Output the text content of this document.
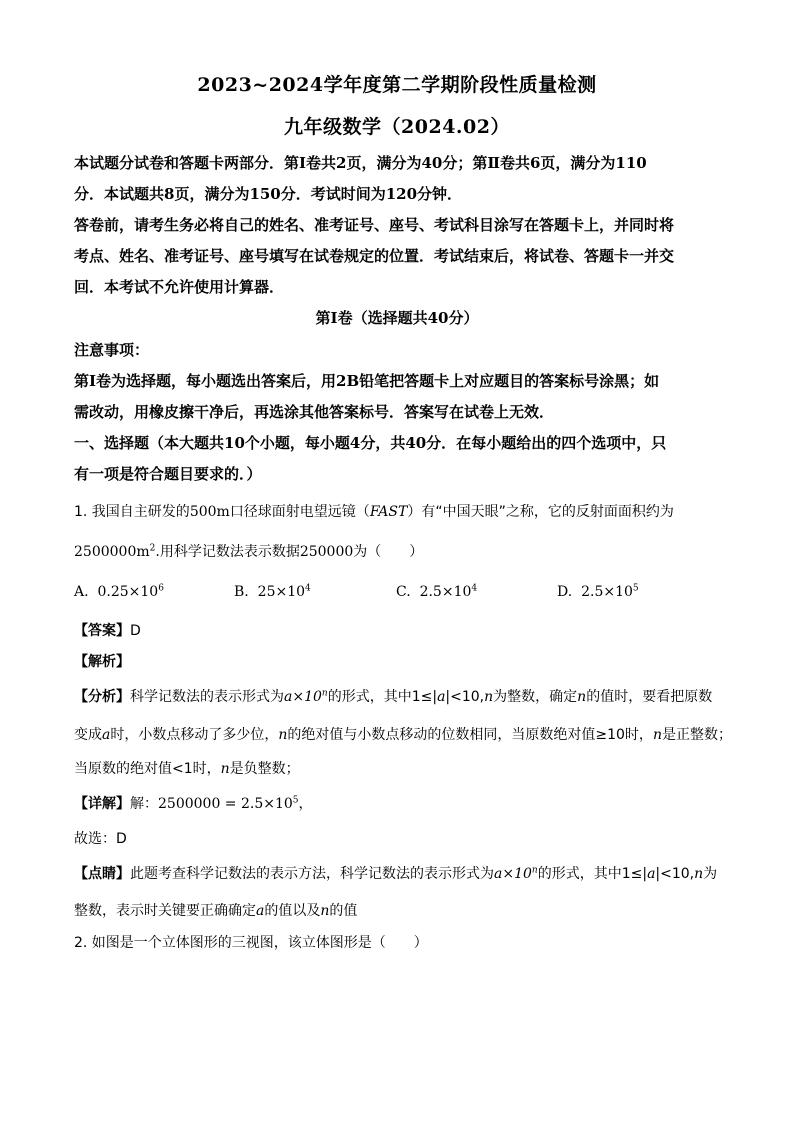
2023~2024学年度第二学期阶段性质量检测
九年级数学（2024.02）
本试题分试卷和答题卡两部分．第Ⅰ卷共2页，满分为40分；第Ⅱ卷共6页，满分为110
分．本试题共8页，满分为150分．考试时间为120分钟．
答卷前，请考生务必将自己的姓名、准考证号、座号、考试科目涂写在答题卡上，并同时将
考点、姓名、准考证号、座号填写在试卷规定的位置．考试结束后，将试卷、答题卡一并交
回．本考试不允许使用计算器．
第Ⅰ卷（选择题共40分）
注意事项：
第Ⅰ卷为选择题，每小题选出答案后，用2B铅笔把答题卡上对应题目的答案标号涂黑；如
需改动，用橡皮擦干净后，再选涂其他答案标号．答案写在试卷上无效．
一、选择题（本大题共10个小题，每小题4分，共40分．在每小题给出的四个选项中，只
有一项是符合题目要求的．）
1. 我国自主研发的500m口径球面射电望远镜（FAST）有“中国天眼”之称，它的反射面面积约为
$2500000m^2$.用科学记数法表示数据250000为（　　）
A. $0.25\times 10^6$	B. $25\times 10^4$	C. $2.5\times 10^4$	D. $2.5\times 10^5$
【答案】D
【解析】
【分析】科学记数法的表示形式为$a\times 10^n$的形式，其中1≤|a|<10,n为整数，确定n的值时，要看把原数
变成a时，小数点移动了多少位，n的绝对值与小数点移动的位数相同，当原数绝对值≥10时，n是正整数；
当原数的绝对值<1时，n是负整数；
【详解】解：$2500000 = 2.5\times 10^5$，
故选：D
【点睛】此题考查科学记数法的表示方法，科学记数法的表示形式为$a\times 10^n$的形式，其中1≤|a|<10,n为
整数，表示时关键要正确确定a的值以及n的值
2. 如图是一个立体图形的三视图，该立体图形是（　　）
